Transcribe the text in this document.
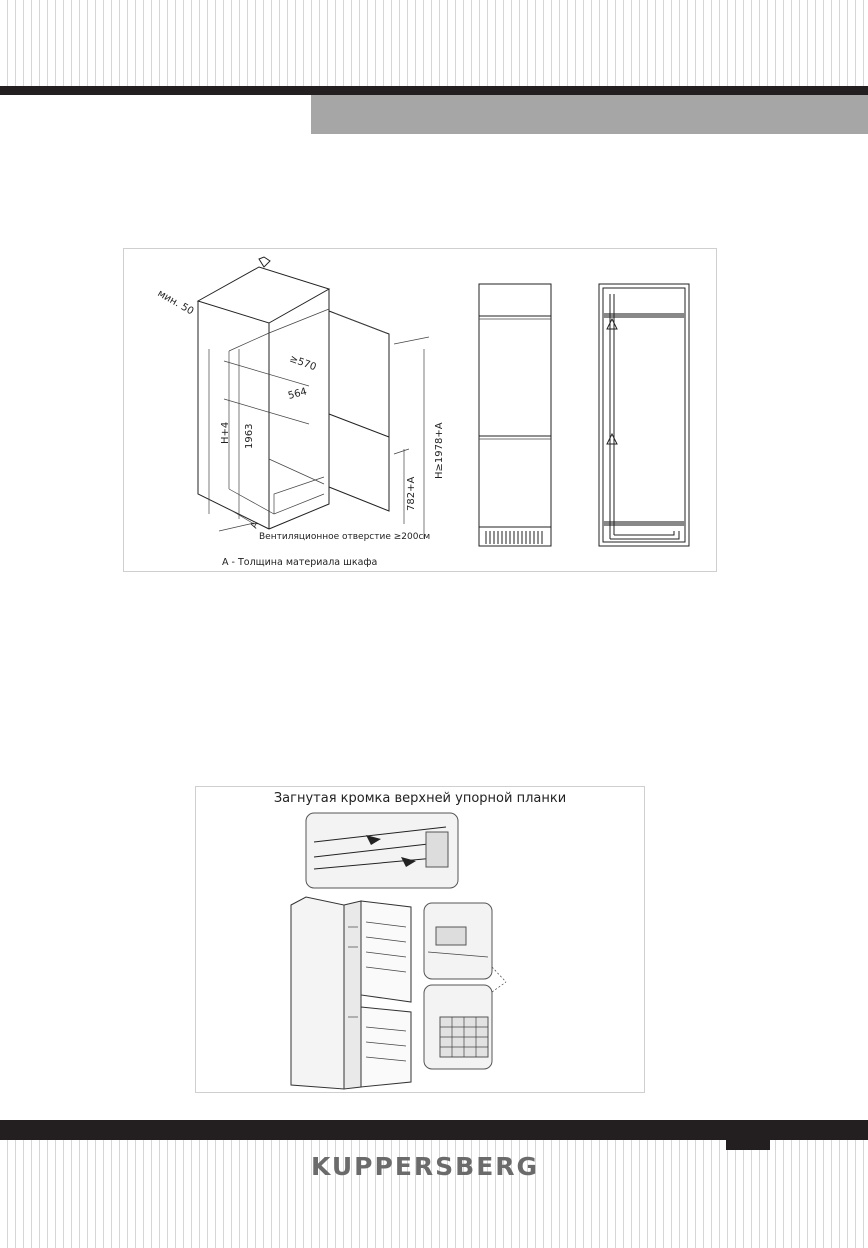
мин. 50
≥570
564
H+4 1963	H≥1978+A
782+A
A
Вентиляционное отверстие ≥200см
A - Толщина материала шкафа
Загнутая кромка верхней упорной планки
KUPPERSBERG
